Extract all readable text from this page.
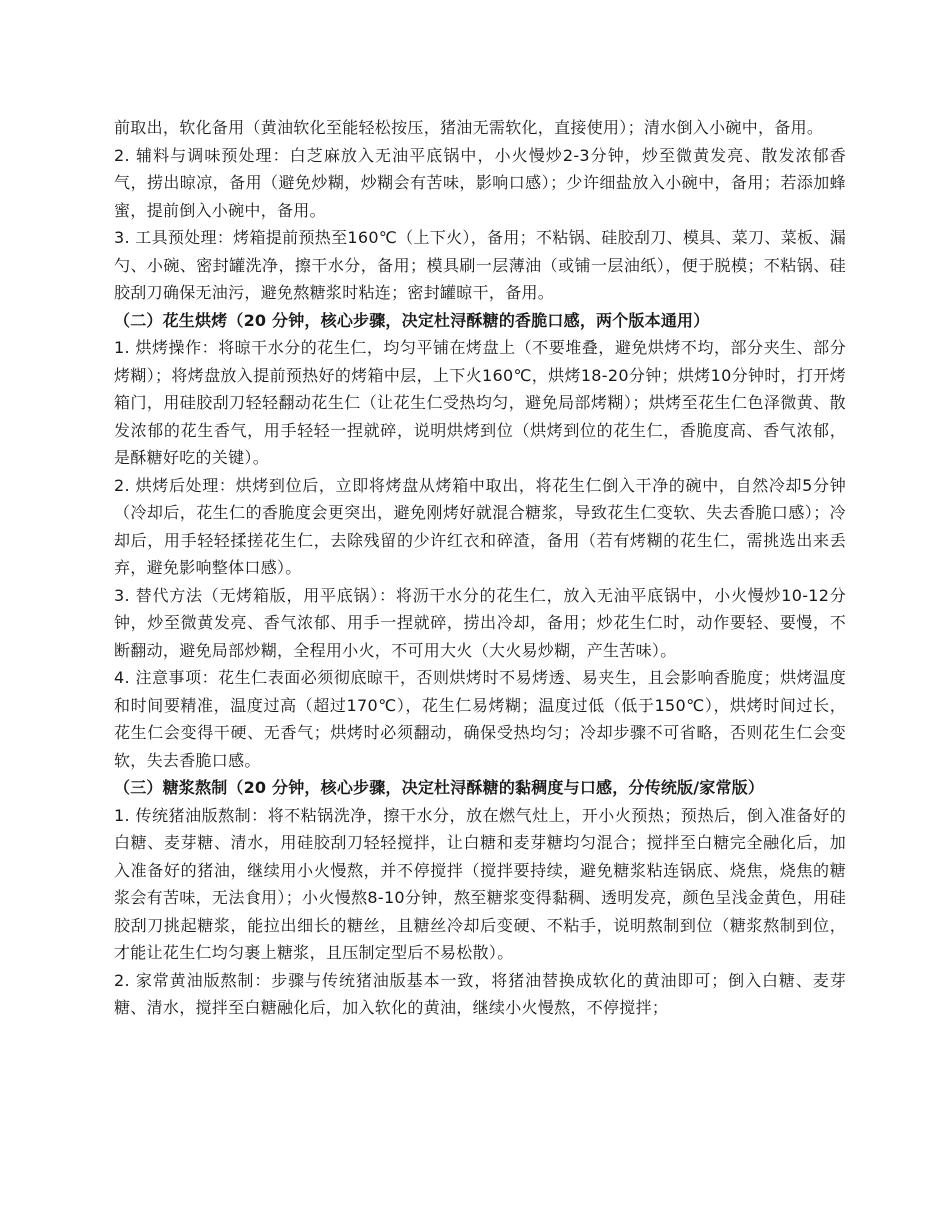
前取出，软化备用（黄油软化至能轻松按压，猪油无需软化，直接使用）；清水倒入小碗中，备用。

2. 辅料与调味预处理：白芝麻放入无油平底锅中，小火慢炒2-3分钟，炒至微黄发亮、散发浓郁香气，捞出晾凉，备用（避免炒糊，炒糊会有苦味，影响口感）；少许细盐放入小碗中，备用；若添加蜂蜜，提前倒入小碗中，备用。

3. 工具预处理：烤箱提前预热至160℃（上下火），备用；不粘锅、硅胶刮刀、模具、菜刀、菜板、漏勺、小碗、密封罐洗净，擦干水分，备用；模具刷一层薄油（或铺一层油纸），便于脱模；不粘锅、硅胶刮刀确保无油污，避免熬糖浆时粘连；密封罐晾干，备用。

（二）花生烘烤（20 分钟，核心步骤，决定杜浔酥糖的香脆口感，两个版本通用）

1. 烘烤操作：将晾干水分的花生仁，均匀平铺在烤盘上（不要堆叠，避免烘烤不均，部分夹生、部分烤糊）；将烤盘放入提前预热好的烤箱中层，上下火160℃，烘烤18-20分钟；烘烤10分钟时，打开烤箱门，用硅胶刮刀轻轻翻动花生仁（让花生仁受热均匀，避免局部烤糊）；烘烤至花生仁色泽微黄、散发浓郁的花生香气，用手轻轻一捏就碎，说明烘烤到位（烘烤到位的花生仁，香脆度高、香气浓郁，是酥糖好吃的关键）。

2. 烘烤后处理：烘烤到位后，立即将烤盘从烤箱中取出，将花生仁倒入干净的碗中，自然冷却5分钟（冷却后，花生仁的香脆度会更突出，避免刚烤好就混合糖浆，导致花生仁变软、失去香脆口感）；冷却后，用手轻轻揉搓花生仁，去除残留的少许红衣和碎渣，备用（若有烤糊的花生仁，需挑选出来丢弃，避免影响整体口感）。

3. 替代方法（无烤箱版，用平底锅）：将沥干水分的花生仁，放入无油平底锅中，小火慢炒10-12分钟，炒至微黄发亮、香气浓郁、用手一捏就碎，捞出冷却，备用；炒花生仁时，动作要轻、要慢，不断翻动，避免局部炒糊，全程用小火，不可用大火（大火易炒糊，产生苦味）。

4. 注意事项：花生仁表面必须彻底晾干，否则烘烤时不易烤透、易夹生，且会影响香脆度；烘烤温度和时间要精准，温度过高（超过170℃），花生仁易烤糊；温度过低（低于150℃），烘烤时间过长，花生仁会变得干硬、无香气；烘烤时必须翻动，确保受热均匀；冷却步骤不可省略，否则花生仁会变软，失去香脆口感。

（三）糖浆熬制（20 分钟，核心步骤，决定杜浔酥糖的黏稠度与口感，分传统版/家常版）

1. 传统猪油版熬制：将不粘锅洗净，擦干水分，放在燃气灶上，开小火预热；预热后，倒入准备好的白糖、麦芽糖、清水，用硅胶刮刀轻轻搅拌，让白糖和麦芽糖均匀混合；搅拌至白糖完全融化后，加入准备好的猪油，继续用小火慢熬，并不停搅拌（搅拌要持续，避免糖浆粘连锅底、烧焦，烧焦的糖浆会有苦味，无法食用）；小火慢熬8-10分钟，熬至糖浆变得黏稠、透明发亮，颜色呈浅金黄色，用硅胶刮刀挑起糖浆，能拉出细长的糖丝，且糖丝冷却后变硬、不粘手，说明熬制到位（糖浆熬制到位，才能让花生仁均匀裹上糖浆，且压制定型后不易松散）。

2. 家常黄油版熬制：步骤与传统猪油版基本一致，将猪油替换成软化的黄油即可；倒入白糖、麦芽糖、清水，搅拌至白糖融化后，加入软化的黄油，继续小火慢熬，不停搅拌；
